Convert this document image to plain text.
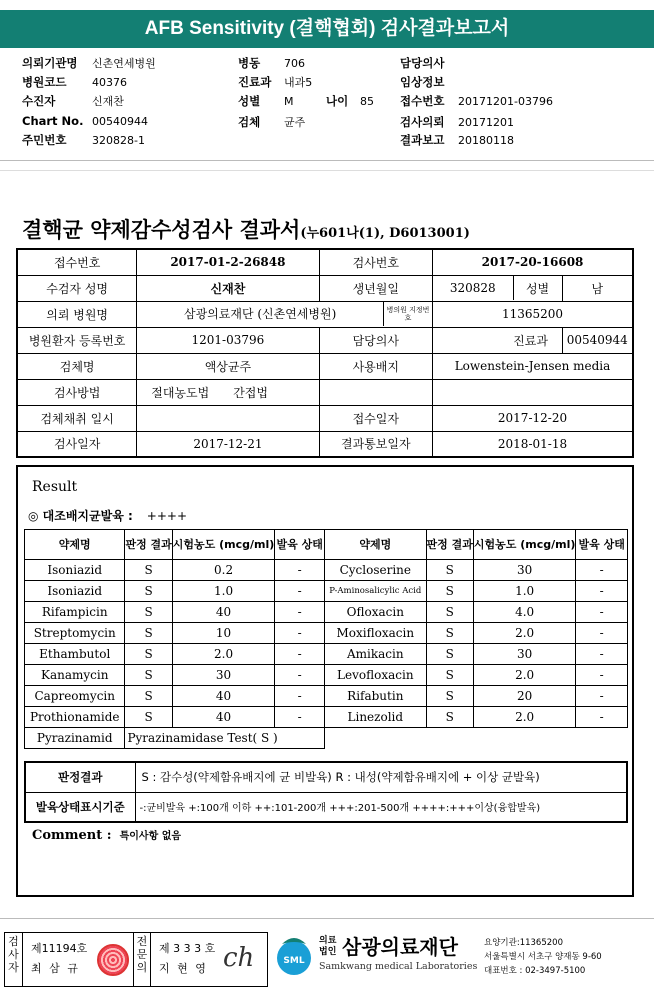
AFB Sensitivity (결핵협회) 검사결과보고서
의뢰기관명 신촌연세병원
병원코드 40376
수진자	신재찬
Chart No. 00540944
주민번호 320828-1
병동 706
진료과 내과5
성별 M	나이 85
검체 균주
담당의사
임상정보
접수번호 20171201-03796
검사의뢰 20171201
결과보고 20180118
결핵균 약제감수성검사 결과서(누601나(1), D6013001)
접수번호	2017-01-2-26848	검사번호	2017-20-16608	
수검자 성명	신재찬	생년월일	320828 성별	남
의뢰 병원명	삼광의료재단 (신촌연세병원) 병의원 지정번호		11365200	
병원환자 등록번호	1201-03796	담당의사	진료과	00540944
검체명	액상균주	사용배지	Lowenstein-Jensen media	
검사방법	절대농도법 간접법			
검체채취 일시		접수일자	2017-12-20	
검사일자	2017-12-21	결과통보일자	2018-01-18	
Result
◎ 대조배지균발육 : ++++
약제명	판정 결과	시험농도 (mcg/ml)	발육 상태	약제명	판정 결과	시험농도 (mcg/ml)	발육 상태
Isoniazid	S	0.2	-	Cycloserine	S	30	-
Isoniazid	S	1.0	-	P-Aminosalicylic Acid	S	1.0	-
Rifampicin	S	40	-	Ofloxacin	S	4.0	-
Streptomycin	S	10	-	Moxifloxacin	S	2.0	-
Ethambutol	S	2.0	-	Amikacin	S	30	-
Kanamycin	S	30	-	Levofloxacin	S	2.0	-
Capreomycin	S	40	-	Rifabutin	S	20	-
Prothionamide	S	40	-	Linezolid	S	2.0	-
Pyrazinamid	Pyrazinamidase Test( S )						
판정결과	S : 감수성(약제함유배지에 균 비발육) R : 내성(약제함유배지에 + 이상 균발육)
발육상태표시기준	-:균비발육 +:100개 이하 ++:101-200개 +++:201-500개 ++++:+++이상(융합발육)
Comment : 특이사항 없음
검사자
제11194호
최 삼 규
전문의
제 3 3 3 호
지 현 영 ch	SML
의료법인 삼광의료재단
Samkwang medical Laboratories
요양기관:11365200
서울특별시 서초구 양재동 9-60
대표번호 : 02-3497-5100
